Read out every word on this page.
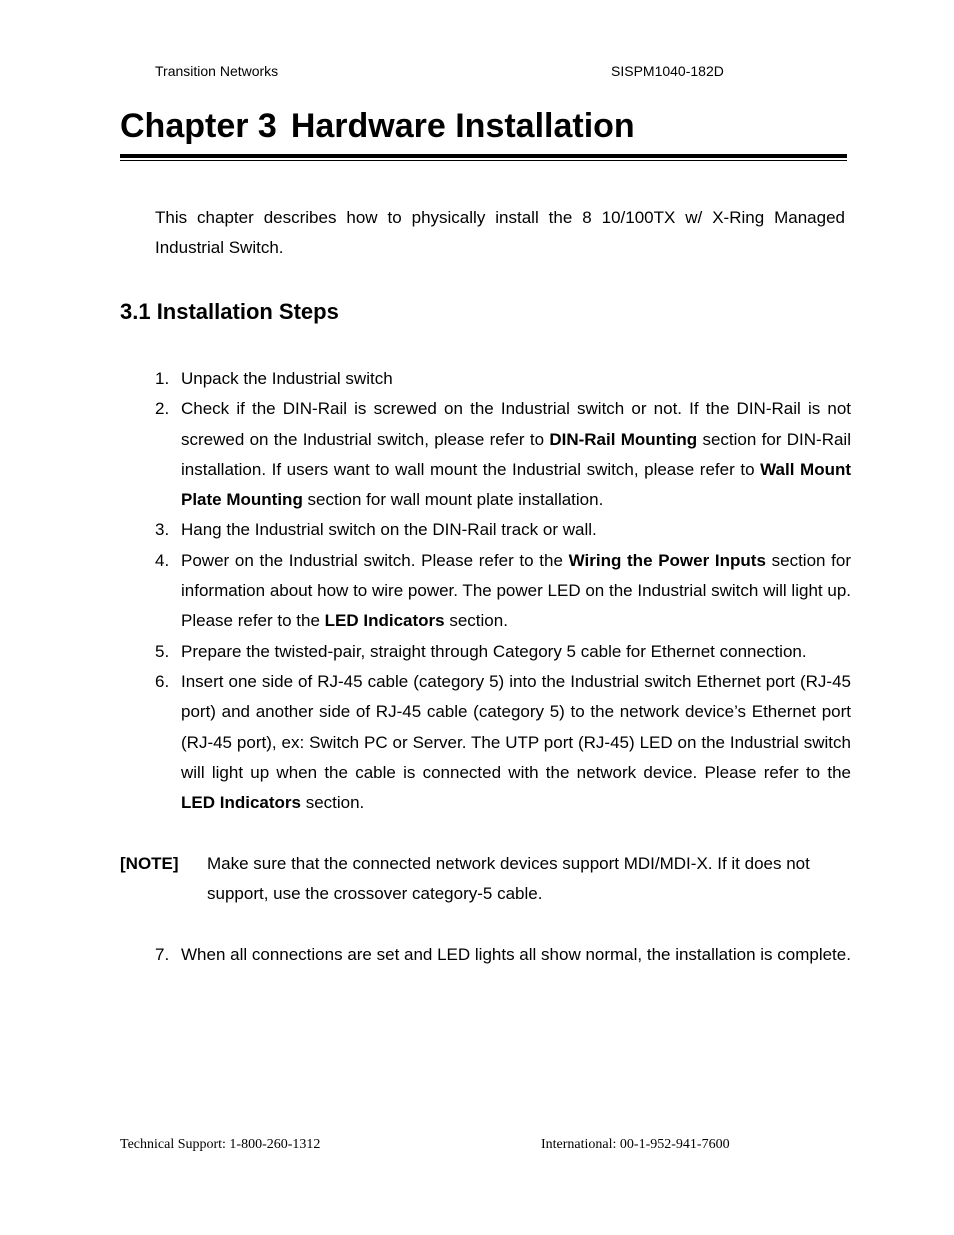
Transition Networks	SISPM1040-182D
Chapter 3 Hardware Installation

This chapter describes how to physically install the 8 10/100TX w/ X-Ring Managed Industrial Switch.

3.1 Installation Steps
1. Unpack the Industrial switch
2. Check if the DIN-Rail is screwed on the Industrial switch or not. If the DIN-Rail is not screwed on the Industrial switch, please refer to DIN-Rail Mounting section for DIN-Rail installation. If users want to wall mount the Industrial switch, please refer to Wall Mount Plate Mounting section for wall mount plate installation.
3. Hang the Industrial switch on the DIN-Rail track or wall.
4. Power on the Industrial switch. Please refer to the Wiring the Power Inputs section for information about how to wire power. The power LED on the Industrial switch will light up. Please refer to the LED Indicators section.
5. Prepare the twisted-pair, straight through Category 5 cable for Ethernet connection.
6. Insert one side of RJ-45 cable (category 5) into the Industrial switch Ethernet port (RJ-45 port) and another side of RJ-45 cable (category 5) to the network device’s Ethernet port (RJ-45 port), ex: Switch PC or Server. The UTP port (RJ-45) LED on the Industrial switch will light up when the cable is connected with the network device. Please refer to the LED Indicators section.
[NOTE] Make sure that the connected network devices support MDI/MDI-X. If it does not support, use the crossover category-5 cable.
7. When all connections are set and LED lights all show normal, the installation is complete.
Technical Support: 1-800-260-1312	International: 00-1-952-941-7600
